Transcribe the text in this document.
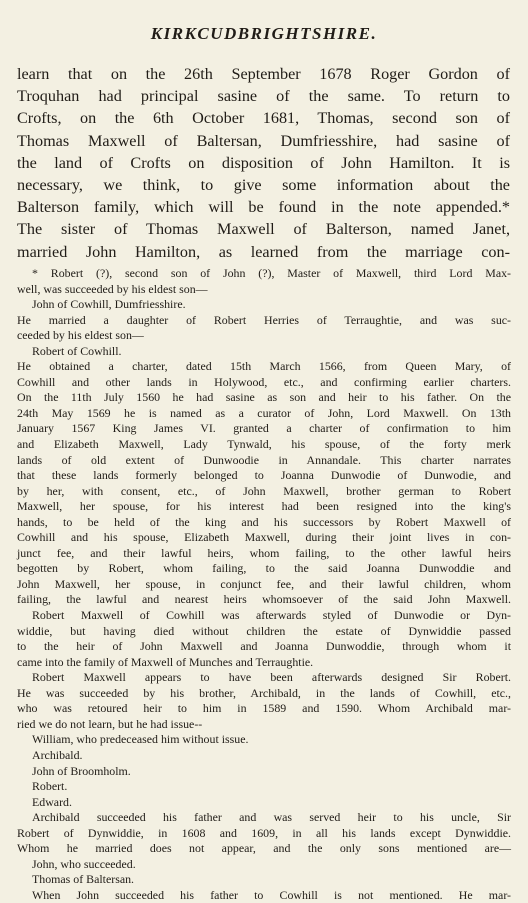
KIRKCUDBRIGHTSHIRE.
learn that on the 26th September 1678 Roger Gordon of
Troquhan had principal sasine of the same. To return to
Crofts, on the 6th October 1681, Thomas, second son of
Thomas Maxwell of Baltersan, Dumfriesshire, had sasine of
the land of Crofts on disposition of John Hamilton. It is
necessary, we think, to give some information about the
Balterson family, which will be found in the note appended.*
The sister of Thomas Maxwell of Balterson, named Janet,
married John Hamilton, as learned from the marriage con-
* Robert (?), second son of John (?), Master of Maxwell, third Lord Max-
well, was succeeded by his eldest son—
John of Cowhill, Dumfriesshire.
He married a daughter of Robert Herries of Terraughtie, and was suc-
ceeded by his eldest son—
Robert of Cowhill.
He obtained a charter, dated 15th March 1566, from Queen Mary, of
Cowhill and other lands in Holywood, etc., and confirming earlier charters.
On the 11th July 1560 he had sasine as son and heir to his father. On the
24th May 1569 he is named as a curator of John, Lord Maxwell. On 13th
January 1567 King James VI. granted a charter of confirmation to him
and Elizabeth Maxwell, Lady Tynwald, his spouse, of the forty merk
lands of old extent of Dunwoodie in Annandale. This charter narrates
that these lands formerly belonged to Joanna Dunwodie of Dunwodie, and
by her, with consent, etc., of John Maxwell, brother german to Robert
Maxwell, her spouse, for his interest had been resigned into the king's
hands, to be held of the king and his successors by Robert Maxwell of
Cowhill and his spouse, Elizabeth Maxwell, during their joint lives in con-
junct fee, and their lawful heirs, whom failing, to the other lawful heirs
begotten by Robert, whom failing, to the said Joanna Dunwoddie and
John Maxwell, her spouse, in conjunct fee, and their lawful children, whom
failing, the lawful and nearest heirs whomsoever of the said John Maxwell.
Robert Maxwell of Cowhill was afterwards styled of Dunwodie or Dyn-
widdie, but having died without children the estate of Dynwiddie passed
to the heir of John Maxwell and Joanna Dunwoddie, through whom it
came into the family of Maxwell of Munches and Terraughtie.
Robert Maxwell appears to have been afterwards designed Sir Robert.
He was succeeded by his brother, Archibald, in the lands of Cowhill, etc.,
who was retoured heir to him in 1589 and 1590. Whom Archibald mar-
ried we do not learn, but he had issue--
William, who predeceased him without issue.
Archibald.
John of Broomholm.
Robert.
Edward.
Archibald succeeded his father and was served heir to his uncle, Sir
Robert of Dynwiddie, in 1608 and 1609, in all his lands except Dynwiddie.
Whom he married does not appear, and the only sons mentioned are—
John, who succeeded.
Thomas of Baltersan.
When John succeeded his father to Cowhill is not mentioned. He mar-
